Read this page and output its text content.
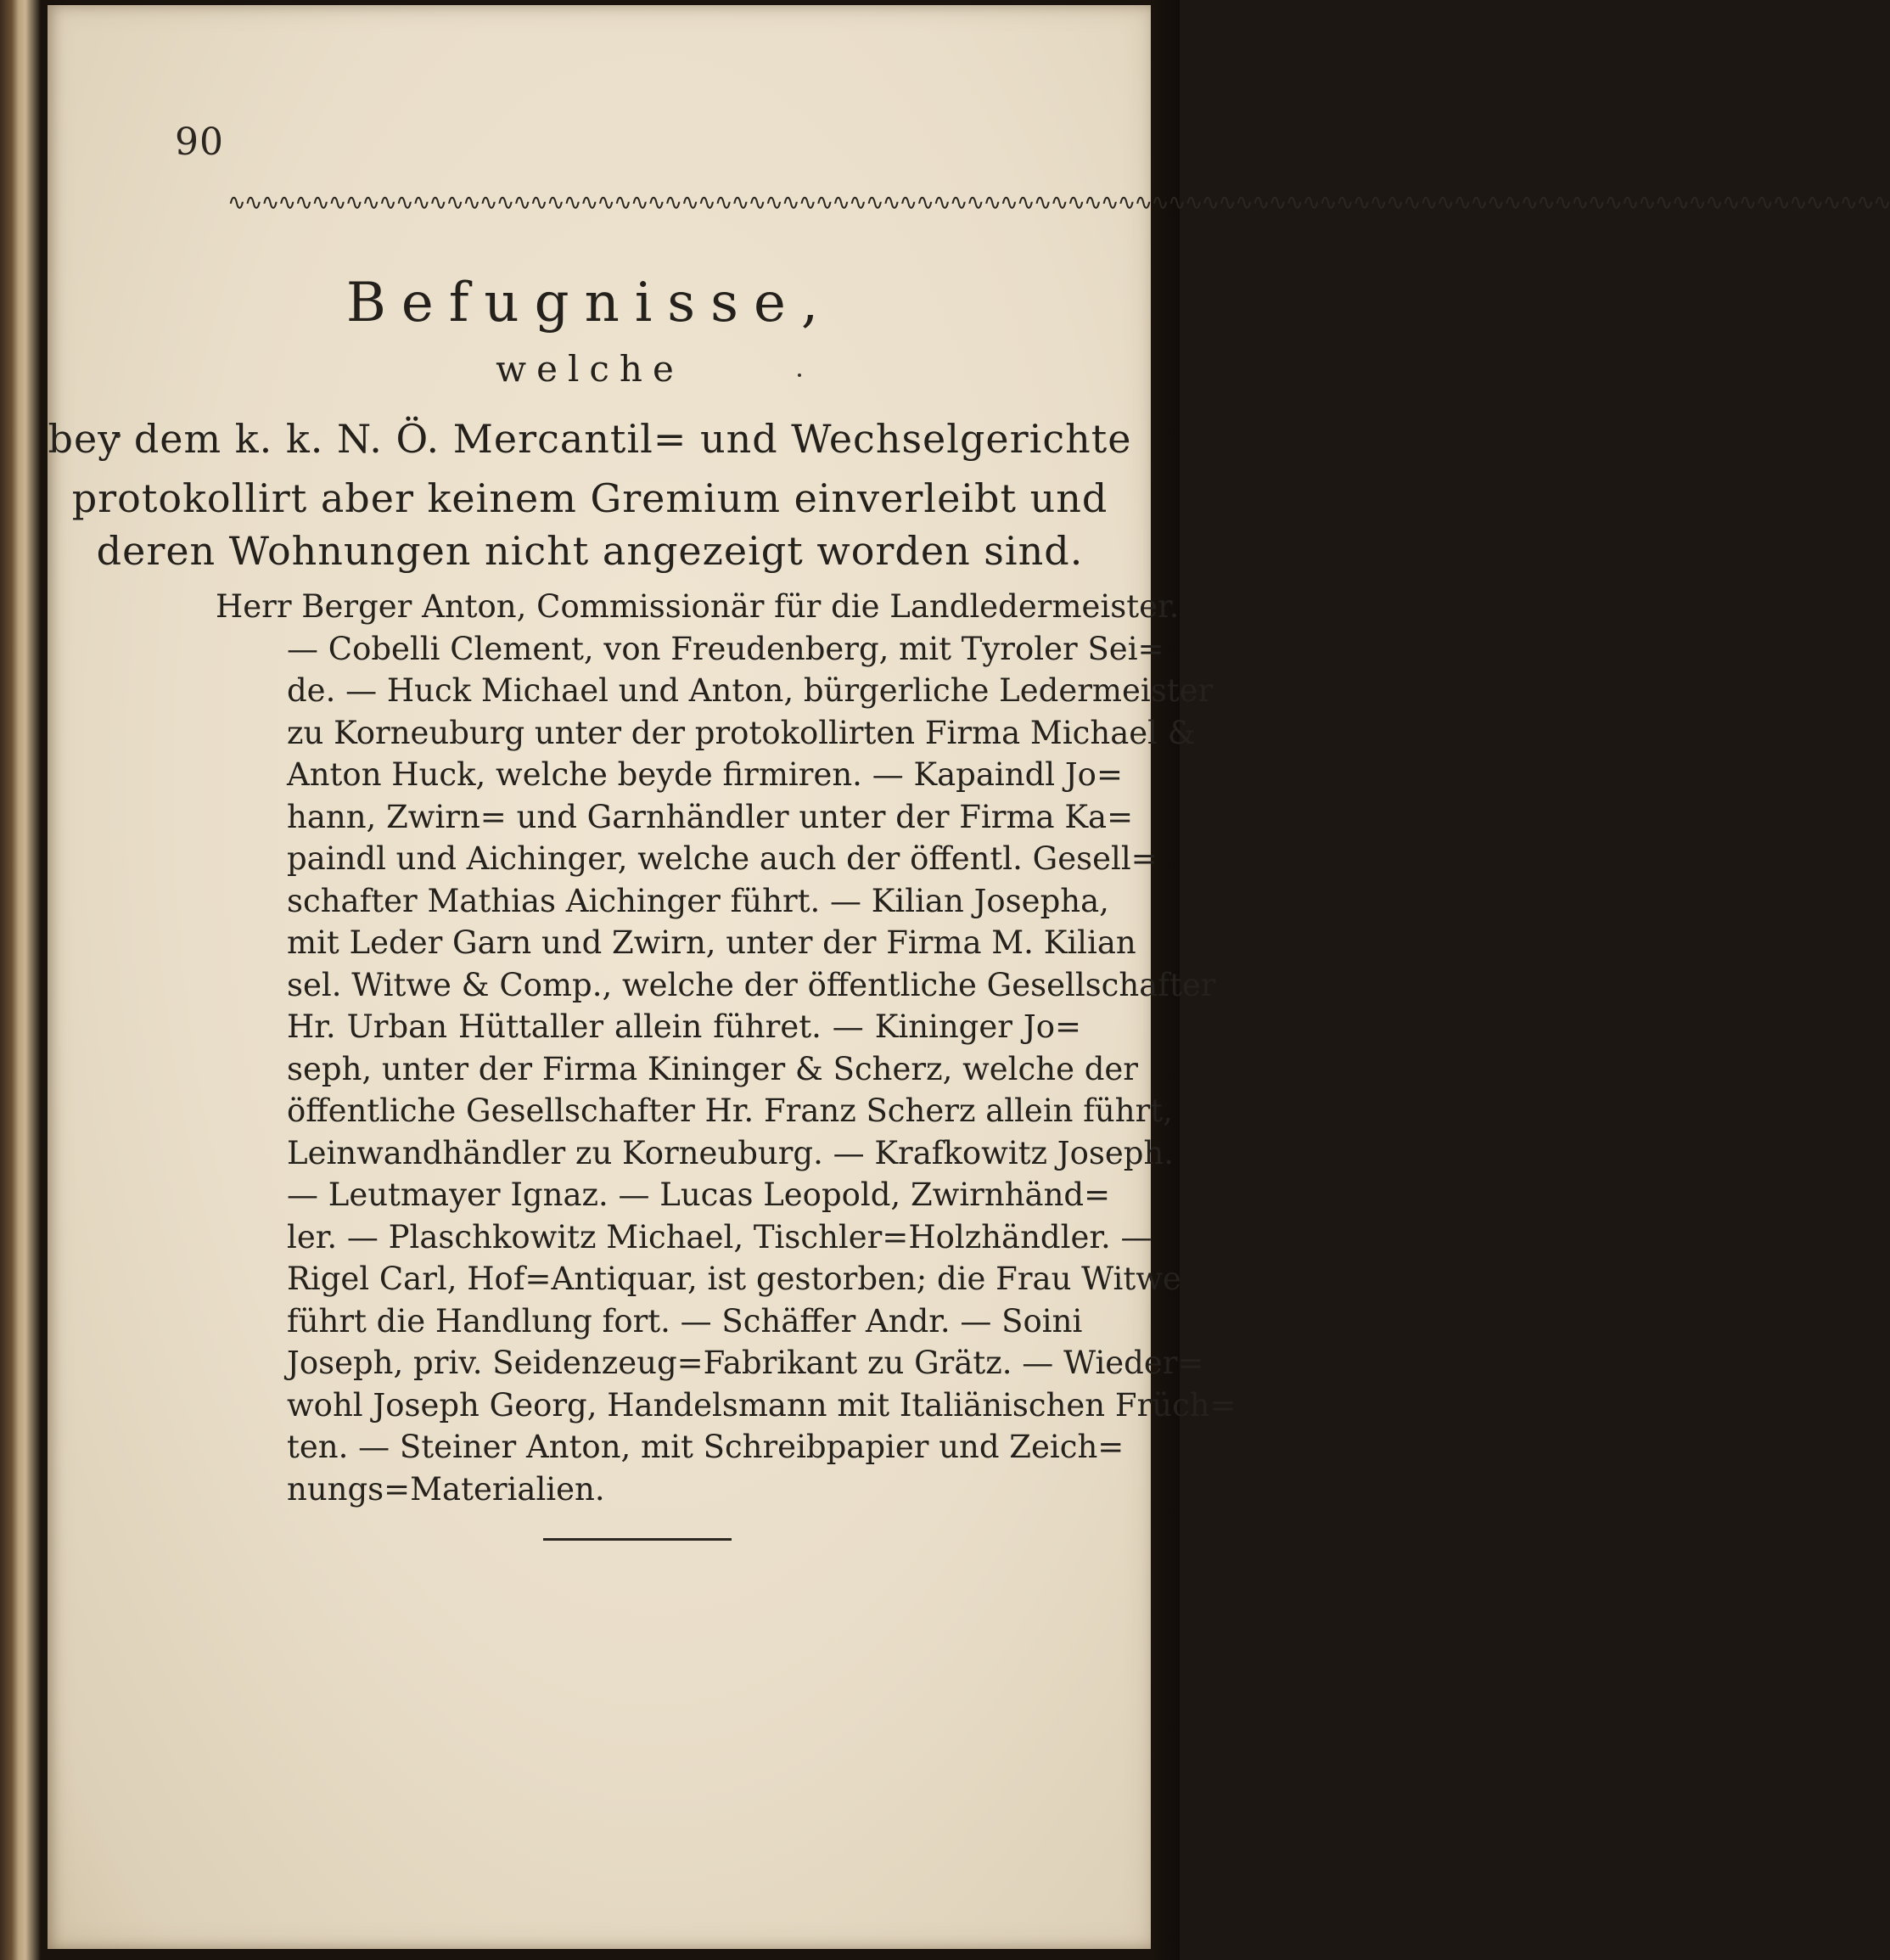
90
∿∿∿∿∿∿∿∿∿∿∿∿∿∿∿∿∿∿∿∿∿∿∿∿∿∿∿∿∿∿∿∿∿∿∿∿∿∿∿∿∿∿∿∿∿∿∿∿∿∿∿∿∿∿∿∿∿∿∿∿∿∿∿∿∿∿∿∿∿∿∿∿∿∿∿∿∿∿∿∿∿∿∿∿∿∿∿∿∿∿∿∿∿∿∿∿∿∿∿
Befugnisse,
welche
bey dem k. k. N. Ö. Mercantil= und Wechselgerichte
protokollirt aber keinem Gremium einverleibt und
deren Wohnungen nicht angezeigt worden sind.
Herr Berger Anton, Commissionär für die Landledermeister.
— Cobelli Clement, von Freudenberg, mit Tyroler Sei=
de. — Huck Michael und Anton, bürgerliche Ledermeister
zu Korneuburg unter der protokollirten Firma Michael &
Anton Huck, welche beyde firmiren. — Kapaindl Jo=
hann, Zwirn= und Garnhändler unter der Firma Ka=
paindl und Aichinger, welche auch der öffentl. Gesell=
schafter Mathias Aichinger führt. — Kilian Josepha,
mit Leder Garn und Zwirn, unter der Firma M. Kilian
sel. Witwe & Comp., welche der öffentliche Gesellschafter
Hr. Urban Hüttaller allein führet. — Kininger Jo=
seph, unter der Firma Kininger & Scherz, welche der
öffentliche Gesellschafter Hr. Franz Scherz allein führt,
Leinwandhändler zu Korneuburg. — Krafkowitz Joseph.
— Leutmayer Ignaz. — Lucas Leopold, Zwirnhänd=
ler. — Plaschkowitz Michael, Tischler=Holzhändler. —
Rigel Carl, Hof=Antiquar, ist gestorben; die Frau Witwe
führt die Handlung fort. — Schäffer Andr. — Soini
Joseph, priv. Seidenzeug=Fabrikant zu Grätz. — Wieder=
wohl Joseph Georg, Handelsmann mit Italiänischen Früch=
ten. — Steiner Anton, mit Schreibpapier und Zeich=
nungs=Materialien.
